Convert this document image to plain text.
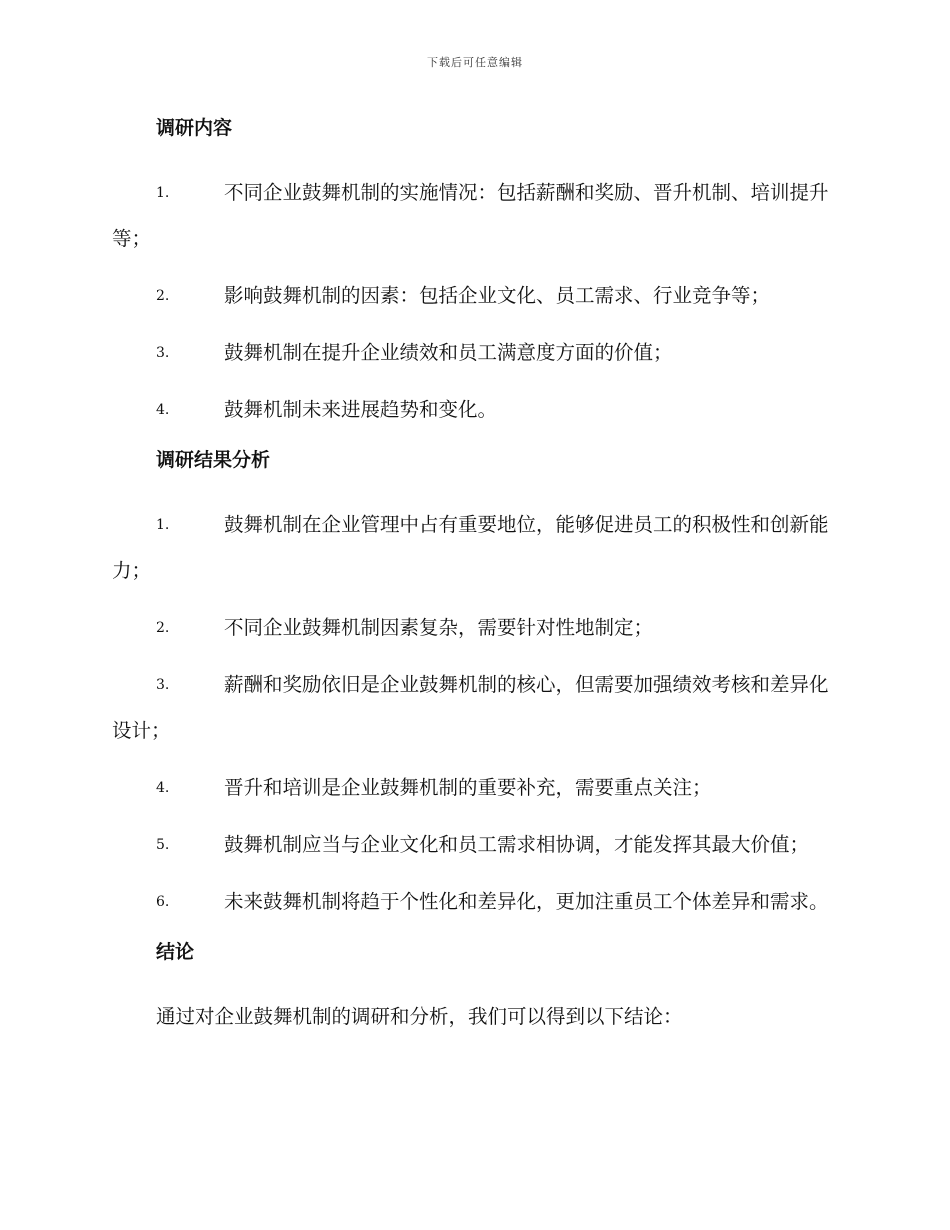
下载后可任意编辑
调研内容
1.	不同企业鼓舞机制的实施情况：包括薪酬和奖励、晋升机制、培训提升等；
2.	影响鼓舞机制的因素：包括企业文化、员工需求、行业竞争等；
3.	鼓舞机制在提升企业绩效和员工满意度方面的价值；
4.	鼓舞机制未来进展趋势和变化。
调研结果分析
1.	鼓舞机制在企业管理中占有重要地位，能够促进员工的积极性和创新能力；
2.	不同企业鼓舞机制因素复杂，需要针对性地制定；
3.	薪酬和奖励依旧是企业鼓舞机制的核心，但需要加强绩效考核和差异化设计；
4.	晋升和培训是企业鼓舞机制的重要补充，需要重点关注；
5.	鼓舞机制应当与企业文化和员工需求相协调，才能发挥其最大价值；
6.	未来鼓舞机制将趋于个性化和差异化，更加注重员工个体差异和需求。
结论

通过对企业鼓舞机制的调研和分析，我们可以得到以下结论：
